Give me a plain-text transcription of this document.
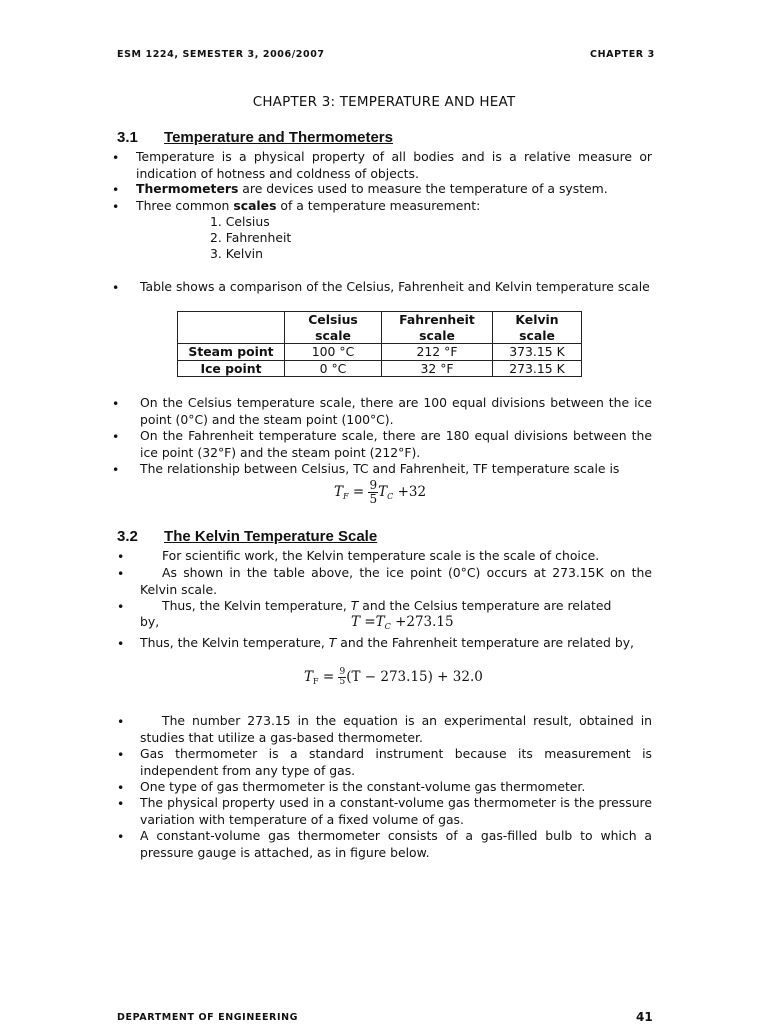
ESM 1224, SEMESTER 3, 2006/2007	CHAPTER 3
CHAPTER 3: TEMPERATURE AND HEAT
3.1 Temperature and Thermometers
• Temperature is a physical property of all bodies and is a relative measure or indication of hotness and coldness of objects.
• Thermometers are devices used to measure the temperature of a system.
• Three common scales of a temperature measurement:
1. Celsius
2. Fahrenheit
3. Kelvin
• Table shows a comparison of the Celsius, Fahrenheit and Kelvin temperature scale
	Celsius scale	Fahrenheit scale	Kelvin scale
Steam point	100 °C	212 °F	373.15 K
Ice point	0 °C	32 °F	273.15 K
• On the Celsius temperature scale, there are 100 equal divisions between the ice point (0°C) and the steam point (100°C).
• On the Fahrenheit temperature scale, there are 180 equal divisions between the ice point (32°F) and the steam point (212°F).
• The relationship between Celsius, TC and Fahrenheit, TF temperature scale is
$T_F = \frac{9}{5} T_C +32$
3.2 The Kelvin Temperature Scale
•	For scientific work, the Kelvin temperature scale is the scale of choice.
•	As shown in the table above, the ice point (0°C) occurs at 273.15K on the Kelvin scale.
•	Thus, the Kelvin temperature, T and the Celsius temperature are related
by,	$T =T_C +273.15$
• Thus, the Kelvin temperature, T and the Fahrenheit temperature are related by,
$T_F = \frac{9}{5} (T - 273.15) + 32.0$
•	The number 273.15 in the equation is an experimental result, obtained in studies that utilize a gas-based thermometer.
• Gas thermometer is a standard instrument because its measurement is independent from any type of gas.
• One type of gas thermometer is the constant-volume gas thermometer.
• The physical property used in a constant-volume gas thermometer is the pressure variation with temperature of a fixed volume of gas.
• A constant-volume gas thermometer consists of a gas-filled bulb to which a pressure gauge is attached, as in figure below.
DEPARTMENT OF ENGINEERING	41
